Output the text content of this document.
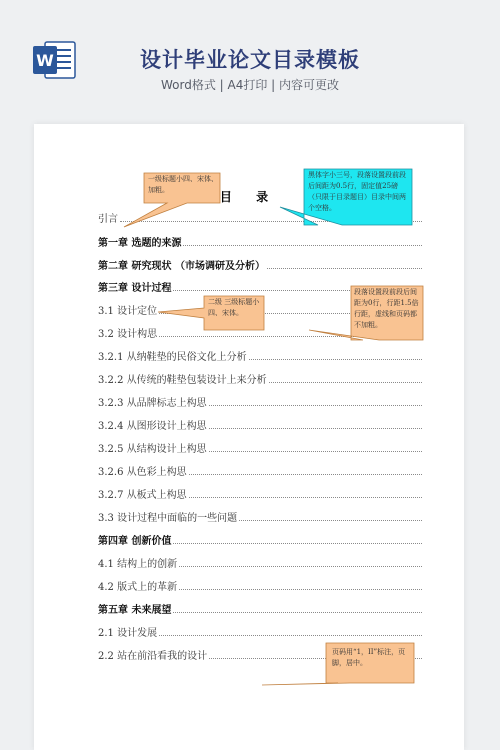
W	设计毕业论文目录模板
Word格式 | A4打印 | 内容可更改
目 录
引言
第一章 选题的来源
第二章 研究现状 （市场调研及分析）
第三章 设计过程
3.1 设计定位
3.2 设计构思
3.2.1 从纳鞋垫的民俗文化上分析
3.2.2 从传统的鞋垫包装设计上来分析
3.2.3 从品牌标志上构思
3.2.4 从图形设计上构思
3.2.5 从结构设计上构思
3.2.6 从色彩上构思
3.2.7 从板式上构思
3.3 设计过程中面临的一些问题
第四章 创新价值
4.1 结构上的创新
4.2 版式上的革新
第五章 未来展望
2.1 设计发展
2.2 站在前沿看我的设计
一级标题小四、宋体、加粗。
黑体字小三号，段落设置段前段后间距为0.5行，固定值25磅（只限于目录题目）目录中间两个空格。
二级 三级标题小四、宋体。
段落设置段前段后间距为0行，行距1.5倍行距，虚线和页码都不加粗。
页码用“1，II”标注，页脚，居中。
